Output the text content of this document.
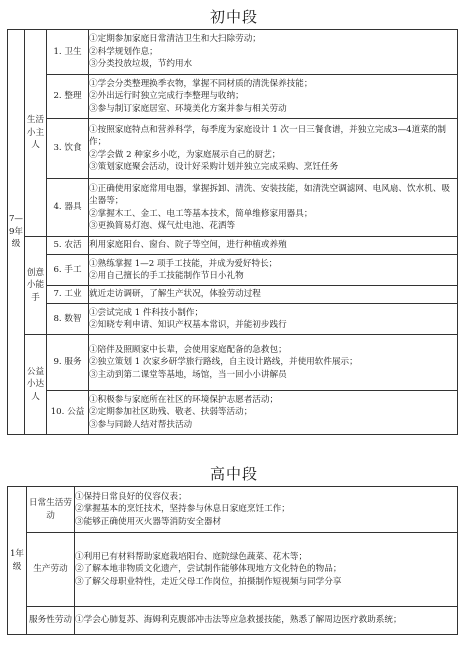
初中段
7—9年级	生活小主人	1. 卫生	①定期参加家庭日常清洁卫生和大扫除劳动；
②科学规划作息；
③分类投放垃圾，节约用水

		2. 整理	①学会分类整理换季衣物，掌握不同材质的清洗保养技能；
②外出远行时独立完成行李整理与收纳；
③参与制订家庭居室、环境美化方案并参与相关劳动

		3. 饮食	①按照家庭特点和营养科学，每季度为家庭设计 1 次一日三餐食谱，并独立完成3—4道菜的制作；
②学会做 2 种家乡小吃，为家庭展示自己的厨艺；
③策划家庭聚会活动，设计好采购计划并独立完成采购、烹饪任务

		4. 器具	①正确使用家庭常用电器，掌握拆卸、清洗、安装技能，如清洗空调滤网、电风扇、饮水机、吸尘器等；
②掌握木工、金工、电工等基本技术，简单维修家用器具；
③更换简易灯泡、煤气灶电池、花洒等

	创意小能手	5. 农活	利用家庭阳台、窗台、院子等空间，进行种植或养殖

		6. 手工	①熟练掌握 1—2 项手工技能，并成为爱好特长；
②用自己擅长的手工技能制作节日小礼物

		7. 工业	就近走访调研，了解生产状况，体验劳动过程

		8. 数智	①尝试完成 1 件科技小制作；
②知晓专利申请、知识产权基本常识，并能初步践行

	公益小达人	9. 服务	①陪伴及照顾家中长辈，会使用家庭配备的急救包；
②独立策划 1 次家乡研学旅行路线，自主设计路线，并使用软件展示；
③主动到第二课堂等基地，场馆，当一回小小讲解员

		10. 公益	①积极参与家庭所在社区的环境保护志愿者活动；
②定期参加社区助残、敬老、扶弱等活动；
③参与同龄人结对帮扶活动
高中段
1年级	日常生活劳动	①保持日常良好的仪容仪表；
②掌握基本的烹饪技术，坚持参与休息日家庭烹饪工作；
③能够正确使用灭火器等消防安全器材

	生产劳动	①利用已有材料帮助家庭栽培阳台、庭院绿色蔬菜、花木等；
②了解本地非物质文化遗产，尝试制作能够体现地方文化特色的物品；
③了解父母职业特性，走近父母工作岗位，拍摄制作短视频与同学分享

	服务性劳动	①学会心肺复苏、海姆利克腹部冲击法等应急救援技能，熟悉了解周边医疗救助系统；
